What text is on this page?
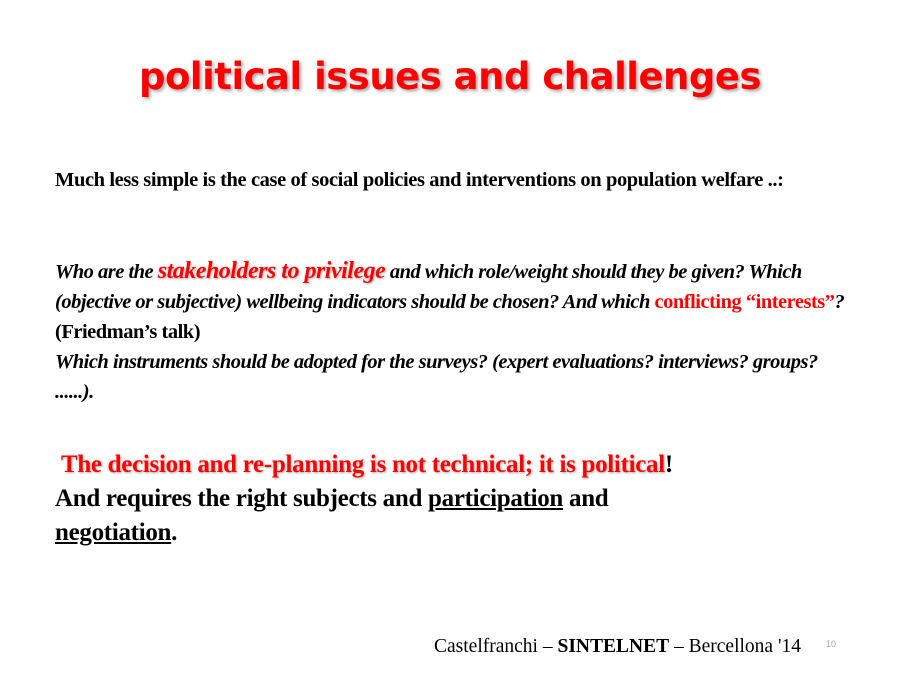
political issues and challenges
Much less simple is the case of social policies and interventions on population welfare ..:
Who are the stakeholders to privilege and which role/weight should they be given? Which (objective or subjective) wellbeing indicators should be chosen? And which conflicting “interests”? (Friedman’s talk)
Which instruments should be adopted for the surveys? (expert evaluations? interviews? groups? ......).
The decision and re-planning is not technical; it is political!
And requires the right subjects and participation and
negotiation.
Castelfranchi – SINTELNET – Bercellona '14	10
